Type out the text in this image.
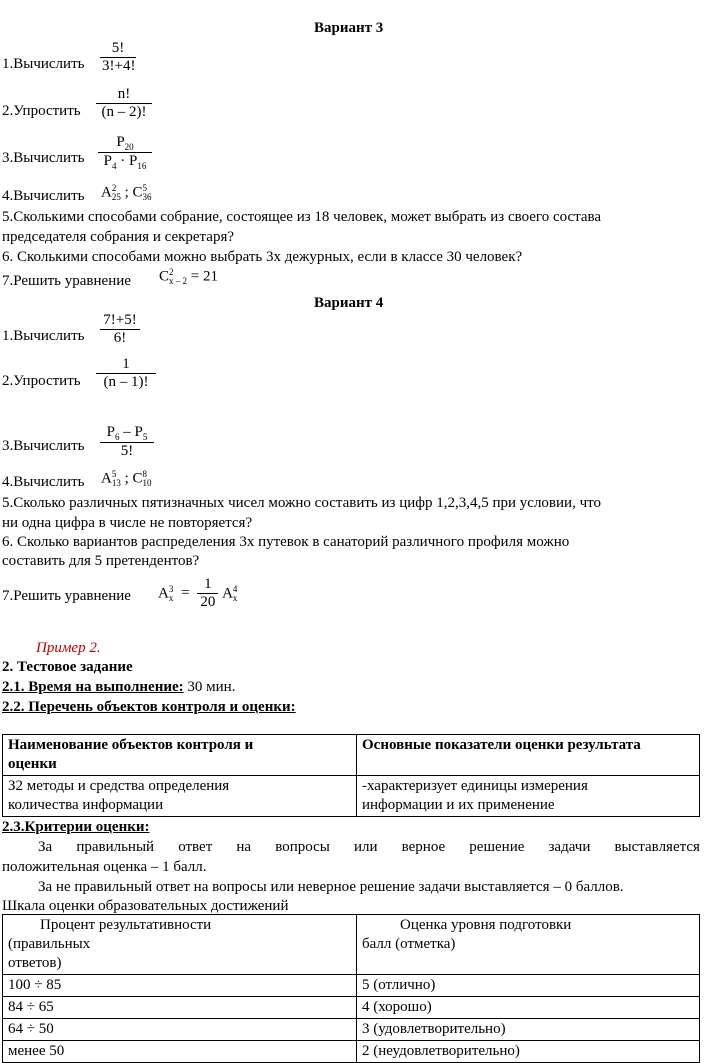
Вариант 3
1.Вычислить
5!
3!+4!
2.Упростить
n!
(n – 2)!
3.Вычислить
$P_{20}$
$P_4 \cdot P_{16}$
4.Вычислить A 2
25 ; C 5
36
5.Сколькими способами собрание, состоящее из 18 человек, может выбрать из своего состава
председателя собрания и секретаря?
6. Сколькими способами можно выбрать 3х дежурных, если в классе 30 человек?
7.Решить уравнение C 2
x – 2 = 21
Вариант 4
1.Вычислить
7!+5!
6!
2.Упростить
1
(n – 1)!
3.Вычислить
$P_6 - P_5$
5!
4.Вычислить A 5
13 ; C 8
10
5.Сколько различных пятизначных чисел можно составить из цифр 1,2,3,4,5 при условии, что
ни одна цифра в числе не повторяется?
6. Сколько вариантов распределения 3х путевок в санаторий различного профиля можно
составить для 5 претендентов?
7.Решить уравнение A 3
$x = \frac{1}{20}$ A 4
x
Пример 2.
2. Тестовое задание
2.1. Время на выполнение: 30 мин.
2.2. Перечень объектов контроля и оценки:
Наименование объектов контроля и
оценки	Основные показатели оценки результата

З2 методы и средства определения
количества информации	-характеризует единицы измерения
информации и их применение
2.3.Критерии оценки:
За правильный ответ на вопросы или верное решение задачи выставляется
положительная оценка – 1 балл.
За не правильный ответ на вопросы или неверное решение задачи выставляется – 0 баллов.
Шкала оценки образовательных достижений
Процент результативности
(правильных
ответов)	Оценка уровня подготовки
балл (отметка)

100 ÷ 85	5 (отлично)
84 ÷ 65	4 (хорошо)
64 ÷ 50	3 (удовлетворительно)
менее 50	2 (неудовлетворительно)
